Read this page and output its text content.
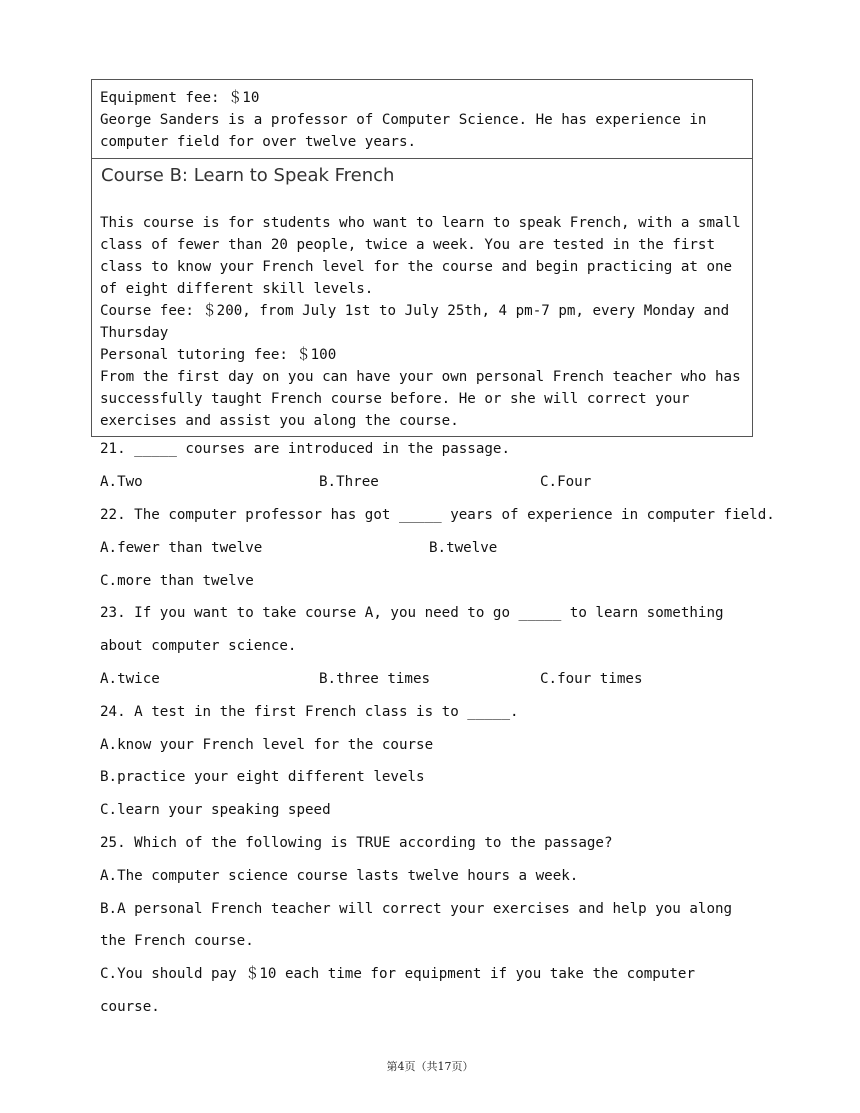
Equipment fee: ＄10
George Sanders is a professor of Computer Science. He has experience in
computer field for over twelve years.
Course B: Learn to Speak French
This course is for students who want to learn to speak French, with a small
class of fewer than 20 people, twice a week. You are tested in the first
class to know your French level for the course and begin practicing at one
of eight different skill levels.
Course fee: ＄200, from July 1st to July 25th, 4 pm-7 pm, every Monday and
Thursday
Personal tutoring fee: ＄100
From the first day on you can have your own personal French teacher who has
successfully taught French course before. He or she will correct your
exercises and assist you along the course.
21. _____ courses are introduced in the passage.
A.Two	B.Three	C.Four
22. The computer professor has got _____ years of experience in computer field.
A.fewer than twelve	B.twelve
C.more than twelve
23. If you want to take course A, you need to go _____ to learn something
about computer science.
A.twice	B.three times	C.four times
24. A test in the first French class is to _____.
A.know your French level for the course
B.practice your eight different levels
C.learn your speaking speed
25. Which of the following is TRUE according to the passage?
A.The computer science course lasts twelve hours a week.
B.A personal French teacher will correct your exercises and help you along
the French course.
C.You should pay ＄10 each time for equipment if you take the computer
course.
第4页（共17页）
